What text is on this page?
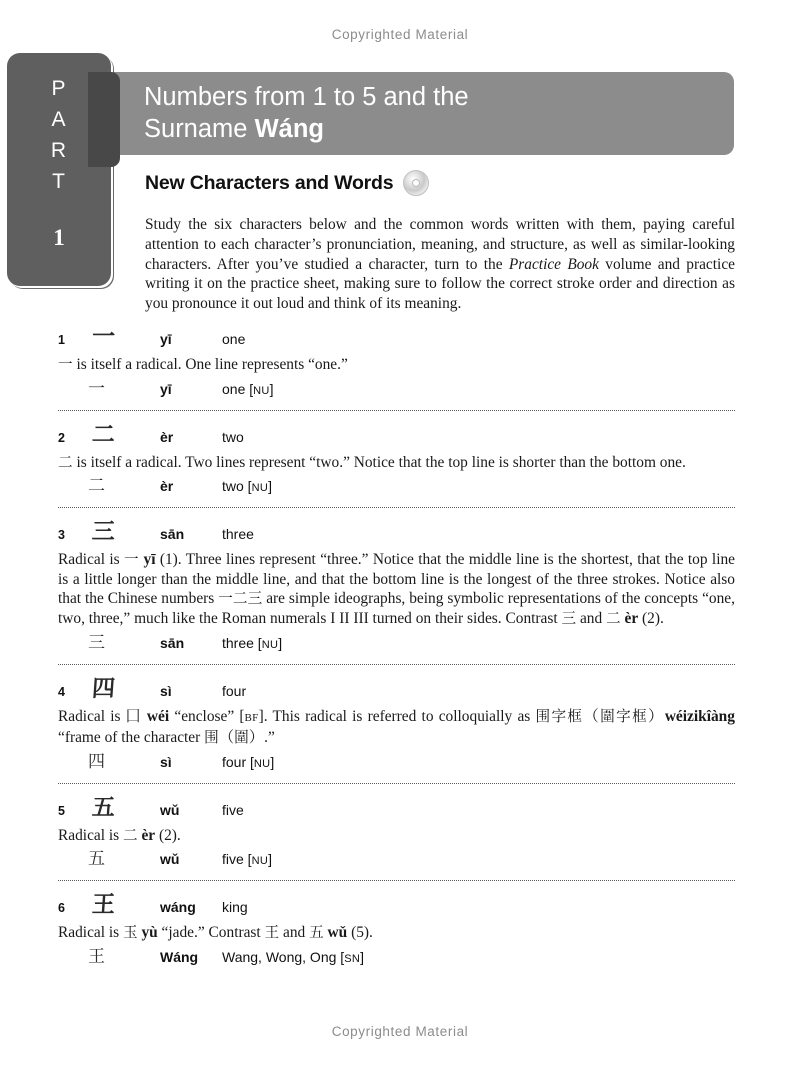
Copyrighted Material
Numbers from 1 to 5 and the
Surname Wáng
P
A
R
T
1
New Characters and Words

Study the six characters below and the common words written with them, paying careful attention to each character’s pronunciation, meaning, and structure, as well as similar-looking characters. After you’ve studied a character, turn to the Practice Book volume and practice writing it on the practice sheet, making sure to follow the correct stroke order and direction as you pronounce it out loud and think of its meaning.

1	一	yī	one
一 is itself a radical. One line represents “one.”
一	yī	one [NU]
2	二	èr	two
二 is itself a radical. Two lines represent “two.” Notice that the top line is shorter than the bottom one.
二	èr	two [NU]
3	三	sān	three
Radical is 一 yī (1). Three lines represent “three.” Notice that the middle line is the shortest, that the top line is a little longer than the middle line, and that the bottom line is the longest of the three strokes. Notice also that the Chinese numbers 一二三 are simple ideographs, being symbolic representations of the concepts “one, two, three,” much like the Roman numerals I II III turned on their sides. Contrast 三 and 二 èr (2).
三	sān	three [NU]
4	四	sì	four
Radical is 囗 wéi “enclose” [BF]. This radical is referred to colloquially as 围字框（圍字框）wéizikîàng “frame of the character 围（圍）.”
四	sì	four [NU]
5	五	wǔ	five
Radical is 二 èr (2).
五	wǔ	five [NU]
6	王	wáng	king
Radical is 玉 yù “jade.” Contrast 王 and 五 wǔ (5).
王	Wáng	Wang, Wong, Ong [SN]
Copyrighted Material
